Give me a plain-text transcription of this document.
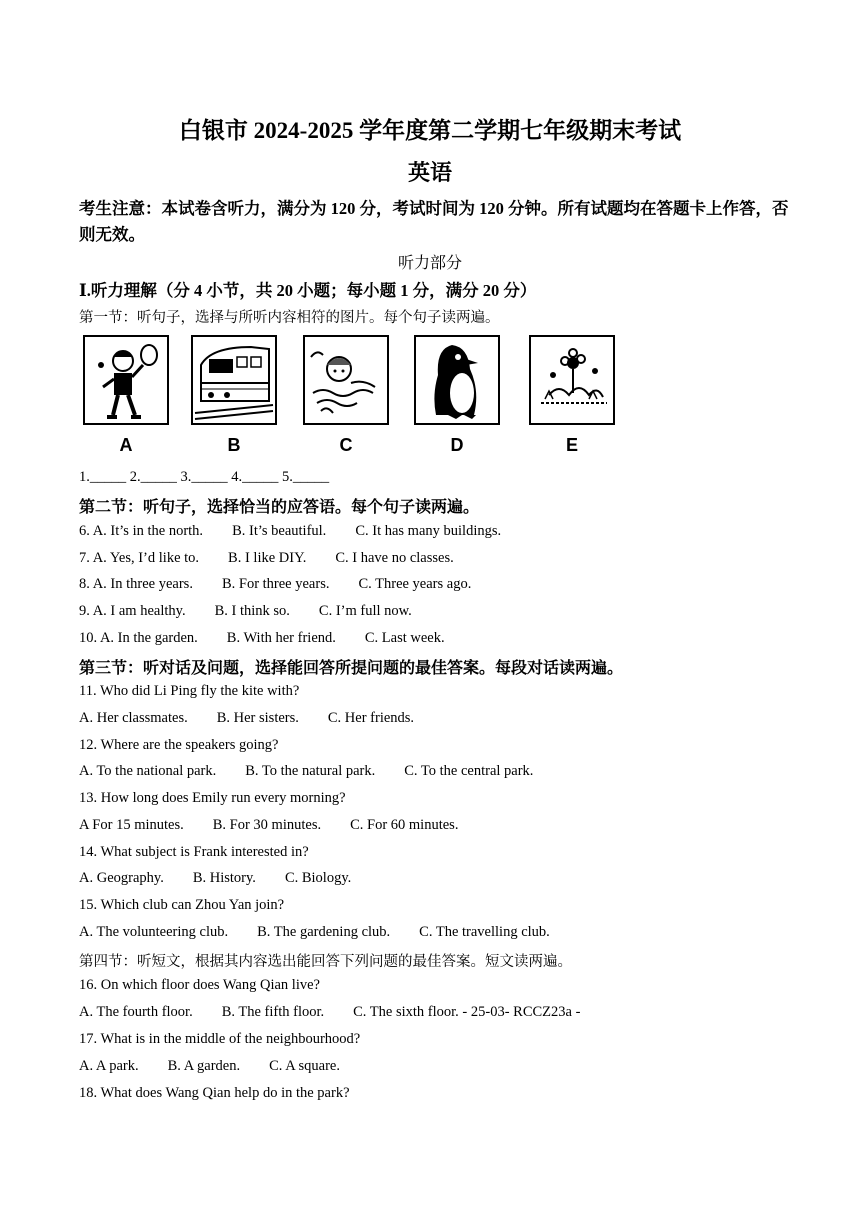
白银市 2024-2025 学年度第二学期七年级期末考试
英语
考生注意：本试卷含听力，满分为 120 分，考试时间为 120 分钟。所有试题均在答题卡上作答，否则无效。
听力部分
Ⅰ.听力理解（分 4 小节，共 20 小题；每小题 1 分，满分 20 分）
第一节：听句子，选择与所听内容相符的图片。每个句子读两遍。
A	B	C	D	E
1._____ 2._____ 3._____ 4._____ 5._____
第二节：听句子，选择恰当的应答语。每个句子读两遍。
6. A. It’s in the north. B. It’s beautiful. C. It has many buildings.
7. A. Yes, I’d like to. B. I like DIY. C. I have no classes.
8. A. In three years. B. For three years. C. Three years ago.
9. A. I am healthy. B. I think so. C. I’m full now.
10. A. In the garden. B. With her friend. C. Last week.
第三节：听对话及问题，选择能回答所提问题的最佳答案。每段对话读两遍。
11. Who did Li Ping fly the kite with?
A. Her classmates. B. Her sisters. C. Her friends.
12. Where are the speakers going?
A. To the national park. B. To the natural park. C. To the central park.
13. How long does Emily run every morning?
A For 15 minutes. B. For 30 minutes. C. For 60 minutes.
14. What subject is Frank interested in?
A. Geography. B. History. C. Biology.
15. Which club can Zhou Yan join?
A. The volunteering club. B. The gardening club. C. The travelling club.
第四节：听短文，根据其内容选出能回答下列问题的最佳答案。短文读两遍。
16. On which floor does Wang Qian live?
A. The fourth floor. B. The fifth floor. C. The sixth floor. - 25-03- RCCZ23a -
17. What is in the middle of the neighbourhood?
A. A park. B. A garden. C. A square.
18. What does Wang Qian help do in the park?
